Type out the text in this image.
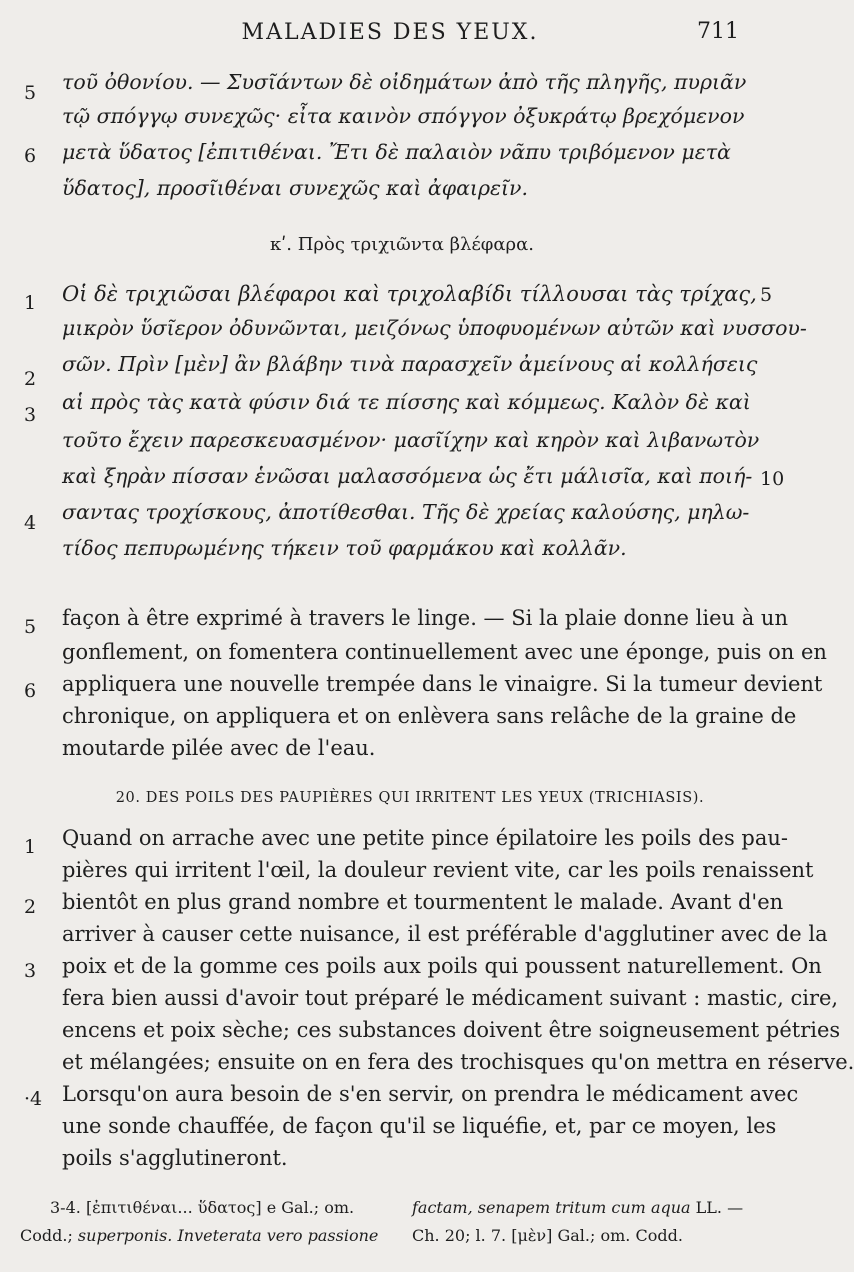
MALADIES DES YEUX.	711
5 τοῦ ὀθονίου. — Συσῖάντων δὲ οἰδημάτων ἀπὸ τῆς πληγῆς, πυριᾶν
τῷ σπόγγῳ συνεχῶς· εἶτα καινὸν σπόγγον ὀξυκράτῳ βρεχόμενον
6 μετὰ ὕδατος [ἐπιτιθέναι. Ἔτι δὲ παλαιὸν νᾶπυ τριβόμενον μετὰ
ὕδατος], προσῖιθέναι συνεχῶς καὶ ἀφαιρεῖν.
κʹ. Πρὸς τριχιῶντα βλέφαρα.
1 Οἱ δὲ τριχιῶσαι βλέφαροι καὶ τριχολαβίδι τίλλουσαι τὰς τρίχας, 5
μικρὸν ὕσῖερον ὀδυνῶνται, μειζόνως ὑποφυομένων αὐτῶν καὶ νυσσου-
2
σῶν. Πρὶν [μὲν] ἂν βλάβην τινὰ παρασχεῖν ἀμείνους αἱ κολλήσεις
3
αἱ πρὸς τὰς κατὰ φύσιν διά τε πίσσης καὶ κόμμεως. Καλὸν δὲ καὶ
τοῦτο ἔχειν παρεσκευασμένον· μασῖίχην καὶ κηρὸν καὶ λιβανωτὸν
καὶ ξηρὰν πίσσαν ἑνῶσαι μαλασσόμενα ὡς ἔτι μάλισῖα, καὶ ποιή- 10
4 σαντας τροχίσκους, ἀποτίθεσθαι. Τῆς δὲ χρείας καλούσης, μηλω-
τίδος πεπυρωμένης τήκειν τοῦ φαρμάκου καὶ κολλᾶν.
5 façon à être exprimé à travers le linge. — Si la plaie donne lieu à un
gonflement, on fomentera continuellement avec une éponge, puis on en
6 appliquera une nouvelle trempée dans le vinaigre. Si la tumeur devient
chronique, on appliquera et on enlèvera sans relâche de la graine de
moutarde pilée avec de l'eau.
20. DES POILS DES PAUPIÈRES QUI IRRITENT LES YEUX (TRICHIASIS).
1 Quand on arrache avec une petite pince épilatoire les poils des pau-
pières qui irritent l'œil, la douleur revient vite, car les poils renaissent
2 bientôt en plus grand nombre et tourmentent le malade. Avant d'en
arriver à causer cette nuisance, il est préférable d'agglutiner avec de la
3 poix et de la gomme ces poils aux poils qui poussent naturellement. On
fera bien aussi d'avoir tout préparé le médicament suivant : mastic, cire,
encens et poix sèche; ces substances doivent être soigneusement pétries
et mélangées; ensuite on en fera des trochisques qu'on mettra en réserve.
·4 Lorsqu'on aura besoin de s'en servir, on prendra le médicament avec
une sonde chauffée, de façon qu'il se liquéfie, et, par ce moyen, les
poils s'agglutineront.
3-4. [ἐπιτιθέναι... ὕδατος] e Gal.; om.
Codd.; superponis. Inveterata vero passione
factam, senapem tritum cum aqua LL. —
Ch. 20; l. 7. [μὲν] Gal.; om. Codd.
